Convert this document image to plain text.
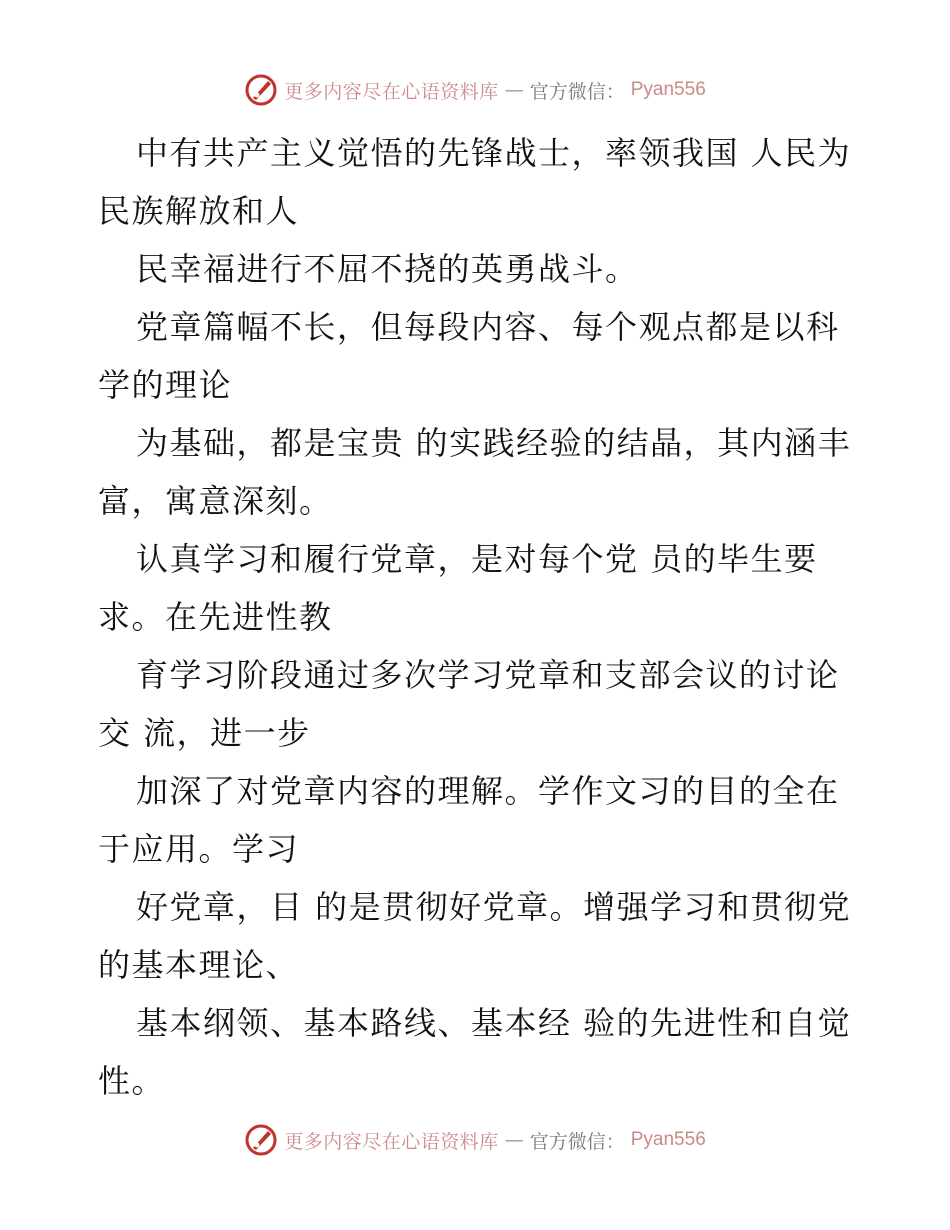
更多内容尽在心语资料库 — 官方微信： Pyan556

中有共产主义觉悟的先锋战士，率领我国 人民为民族解放和人

民幸福进行不屈不挠的英勇战斗。

党章篇幅不长，但每段内容、每个观点都是以科学的理论

为基础，都是宝贵 的实践经验的结晶，其内涵丰富，寓意深刻。

认真学习和履行党章，是对每个党 员的毕生要求。在先进性教

育学习阶段通过多次学习党章和支部会议的讨论交 流，进一步

加深了对党章内容的理解。学作文习的目的全在于应用。学习

好党章，目 的是贯彻好党章。增强学习和贯彻党的基本理论、

基本纲领、基本路线、基本经 验的先进性和自觉性。

更多内容尽在心语资料库 — 官方微信： Pyan556
